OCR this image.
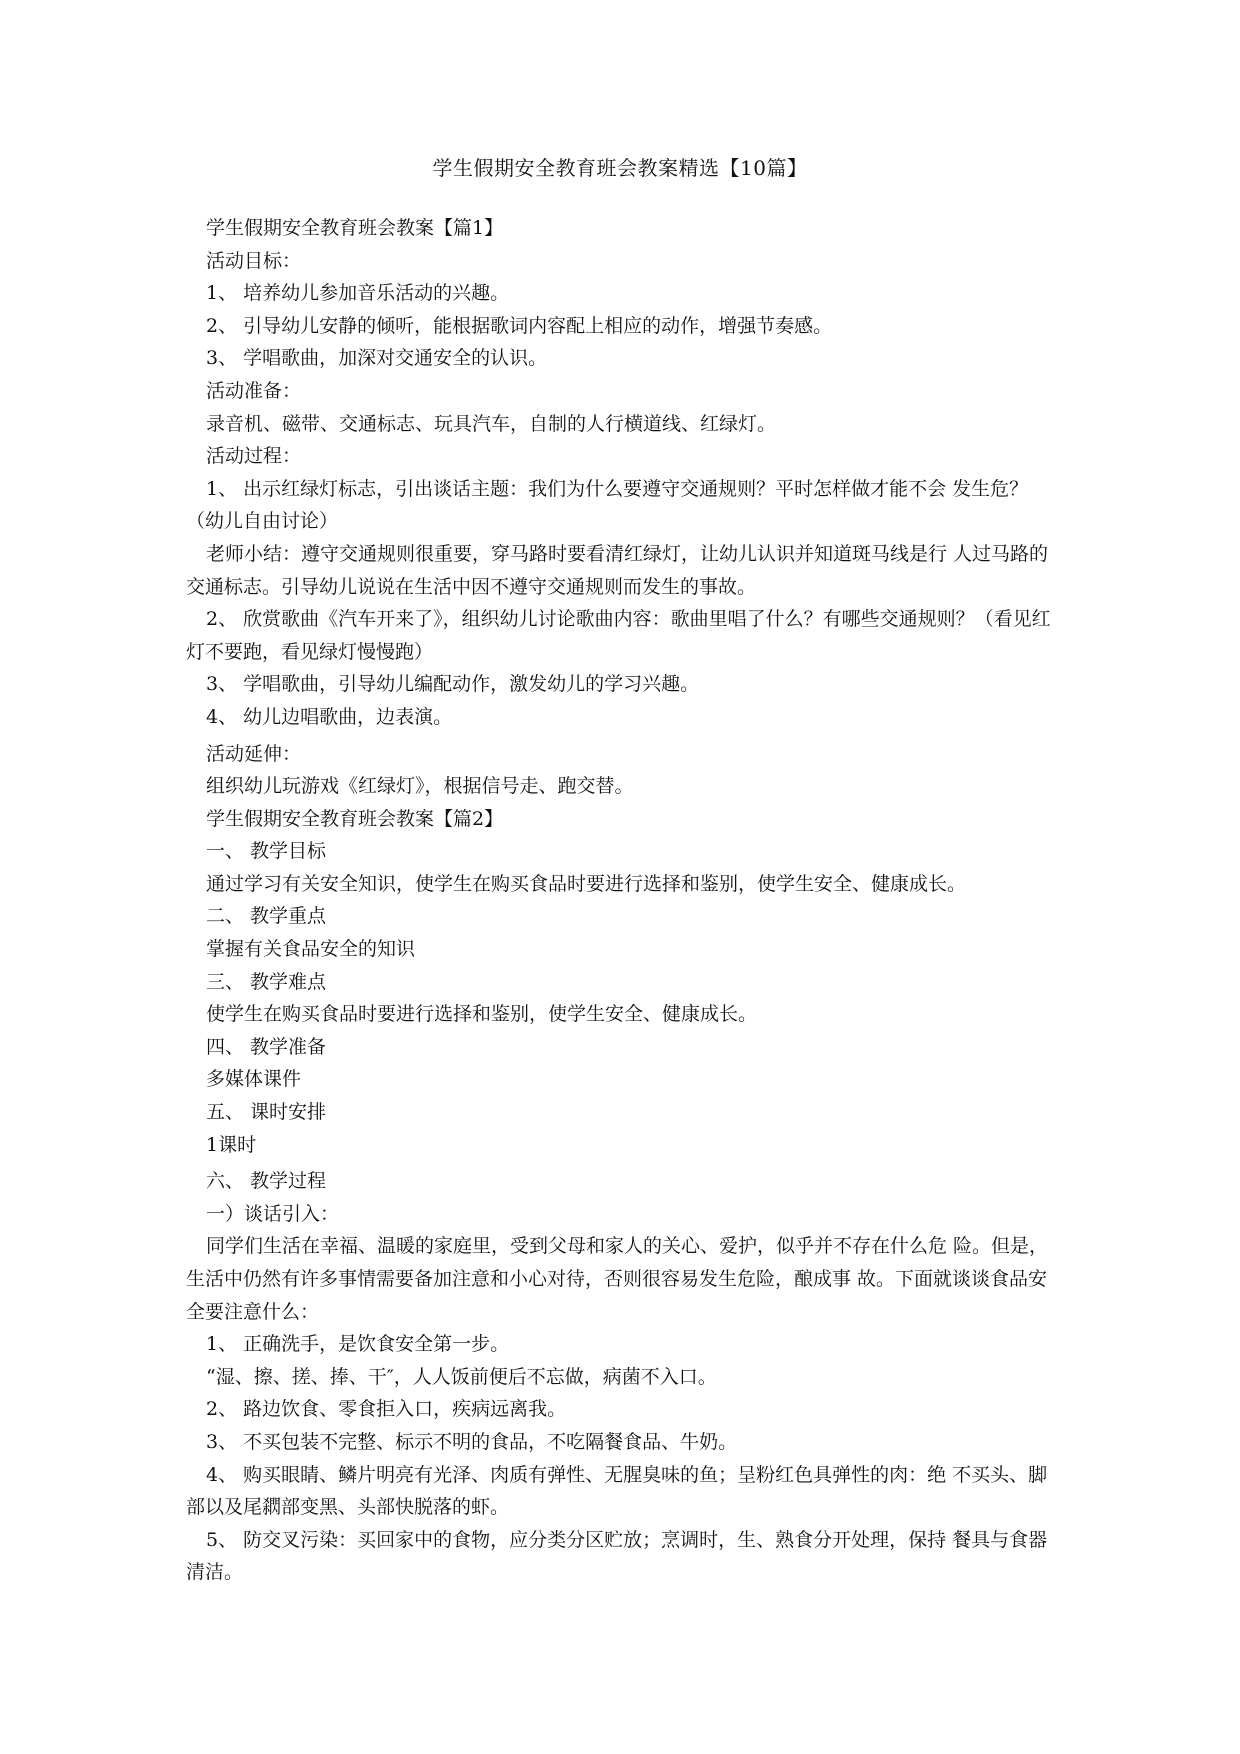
学生假期安全教育班会教案精选【10篇】

学生假期安全教育班会教案【篇1】

活动目标：

1、 培养幼儿参加音乐活动的兴趣。

2、 引导幼儿安静的倾听，能根据歌词内容配上相应的动作，增强节奏感。

3、 学唱歌曲，加深对交通安全的认识。

活动准备：

录音机、磁带、交通标志、玩具汽车，自制的人行横道线、红绿灯。

活动过程：

1、 出示红绿灯标志，引出谈话主题：我们为什么要遵守交通规则？平时怎样做才能不会 发生危？（幼儿自由讨论）

老师小结：遵守交通规则很重要，穿马路时要看清红绿灯，让幼儿认识并知道斑马线是行 人过马路的交通标志。引导幼儿说说在生活中因不遵守交通规则而发生的事故。

2、 欣赏歌曲《汽车开来了》，组织幼儿讨论歌曲内容：歌曲里唱了什么？有哪些交通规则？（看见红灯不要跑，看见绿灯慢慢跑）

3、 学唱歌曲，引导幼儿编配动作，激发幼儿的学习兴趣。

4、 幼儿边唱歌曲，边表演。

活动延伸：

组织幼儿玩游戏《红绿灯》，根据信号走、跑交替。

学生假期安全教育班会教案【篇2】

一、 教学目标

通过学习有关安全知识，使学生在购买食品时要进行选择和鉴别，使学生安全、健康成长。

二、 教学重点

掌握有关食品安全的知识

三、 教学难点

使学生在购买食品时要进行选择和鉴别，使学生安全、健康成长。

四、 教学准备

多媒体课件

五、 课时安排

1课时

六、 教学过程

一）谈话引入：

同学们生活在幸福、温暖的家庭里，受到父母和家人的关心、爱护，似乎并不存在什么危 险。但是，生活中仍然有许多事情需要备加注意和小心对待，否则很容易发生危险，酿成事 故。下面就谈谈食品安全要注意什么：

1、 正确洗手，是饮食安全第一步。

“湿、擦、搓、捧、干″，人人饭前便后不忘做，病菌不入口。

2、 路边饮食、零食拒入口，疾病远离我。

3、 不买包装不完整、标示不明的食品，不吃隔餐食品、牛奶。

4、 购买眼睛、鳞片明亮有光泽、肉质有弹性、无腥臭味的鱼；呈粉红色具弹性的肉：绝 不买头、脚部以及尾閷部变黑、头部快脱落的虾。

5、 防交叉污染：买回家中的食物，应分类分区贮放；烹调时，生、熟食分开处理，保持 餐具与食器清洁。
